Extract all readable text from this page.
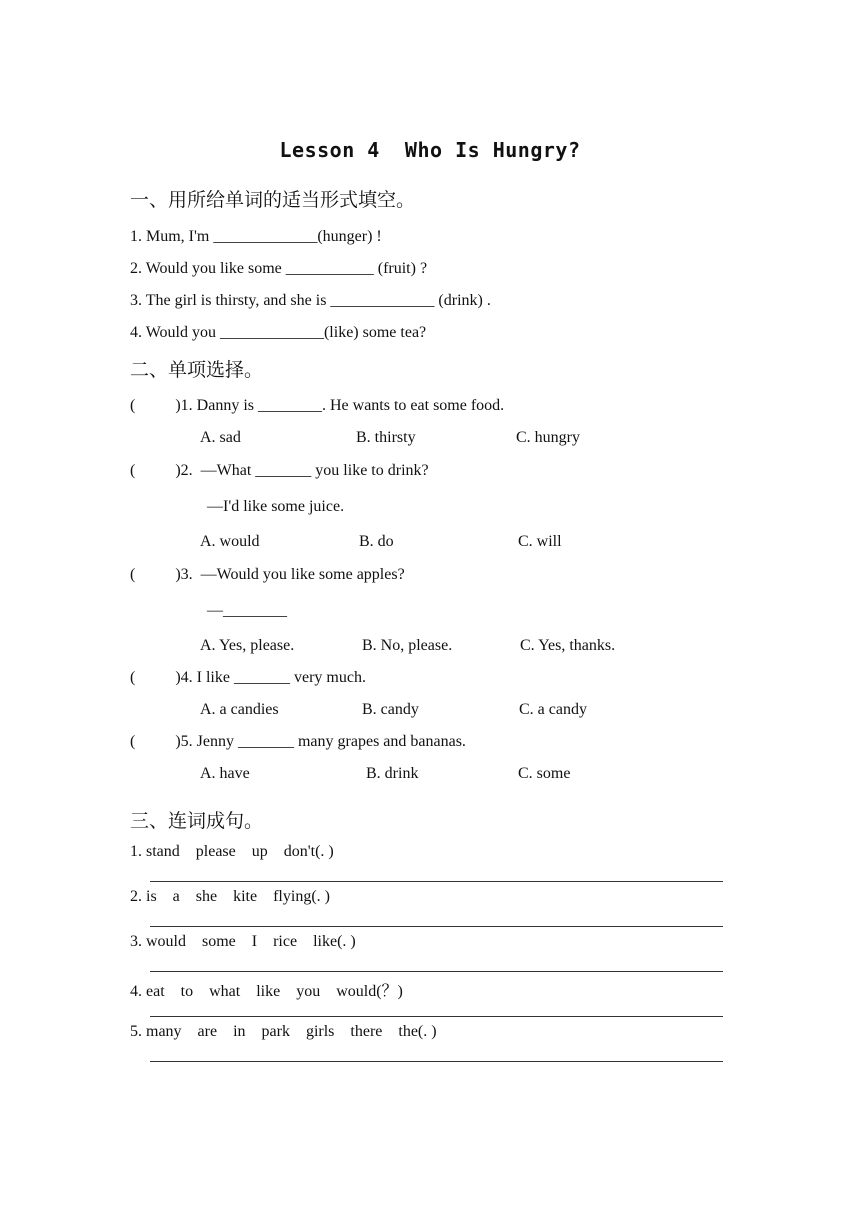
Lesson 4  Who Is Hungry?
一、用所给单词的适当形式填空。
1. Mum, I'm _____________(hunger) !
2. Would you like some ___________ (fruit) ?
3. The girl is thirsty, and she is _____________ (drink) .
4. Would you _____________(like) some tea?
二、单项选择。
(          )1. Danny is ________. He wants to eat some food.
A. sad	B. thirsty	C. hungry
(          )2.  —What _______ you like to drink?
—I'd like some juice.
A. would	B. do	C. will
(          )3.  —Would you like some apples?
—________
A. Yes, please.	B. No, please.	C. Yes, thanks.
(          )4. I like _______ very much.
A. a candies	B. candy	C. a candy
(          )5. Jenny _______ many grapes and bananas.
A. have	B. drink	C. some
三、连词成句。
1. stand    please    up    don't(. )
2. is    a    she    kite    flying(. )
3. would    some    I    rice    like(. )
4. eat    to    what    like    you    would(？)
5. many    are    in    park    girls    there    the(. )
